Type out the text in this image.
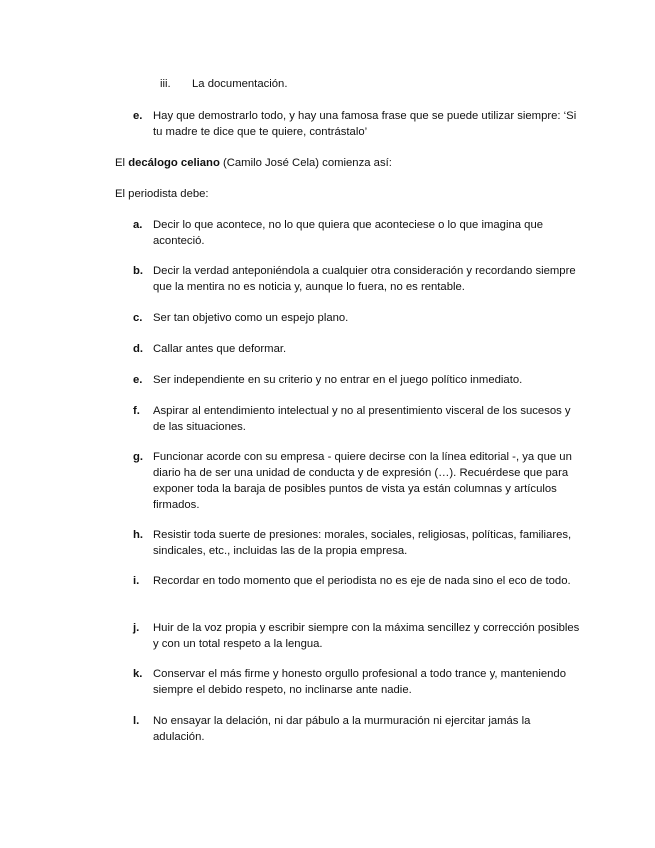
iii. La documentación.
e. Hay que demostrarlo todo, y hay una famosa frase que se puede utilizar siempre: ‘Si tu madre te dice que te quiere, contrástalo’
El decálogo celiano (Camilo José Cela) comienza así:
El periodista debe:
a. Decir lo que acontece, no lo que quiera que aconteciese o lo que imagina que aconteció.
b. Decir la verdad anteponiéndola a cualquier otra consideración y recordando siempre que la mentira no es noticia y, aunque lo fuera, no es rentable.
c. Ser tan objetivo como un espejo plano.
d. Callar antes que deformar.
e. Ser independiente en su criterio y no entrar en el juego político inmediato.
f.	Aspirar al entendimiento intelectual y no al presentimiento visceral de los sucesos y de las situaciones.
g. Funcionar acorde con su empresa - quiere decirse con la línea editorial -, ya que un diario ha de ser una unidad de conducta y de expresión (…). Recuérdese que para exponer toda la baraja de posibles puntos de vista ya están columnas y artículos firmados.
h. Resistir toda suerte de presiones: morales, sociales, religiosas, políticas, familiares, sindicales, etc., incluidas las de la propia empresa.
i.	Recordar en todo momento que el periodista no es eje de nada sino el eco de todo.
j.	Huir de la voz propia y escribir siempre con la máxima sencillez y corrección posibles y con un total respeto a la lengua.
k. Conservar el más firme y honesto orgullo profesional a todo trance y, manteniendo siempre el debido respeto, no inclinarse ante nadie.
l.	No ensayar la delación, ni dar pábulo a la murmuración ni ejercitar jamás la adulación.
